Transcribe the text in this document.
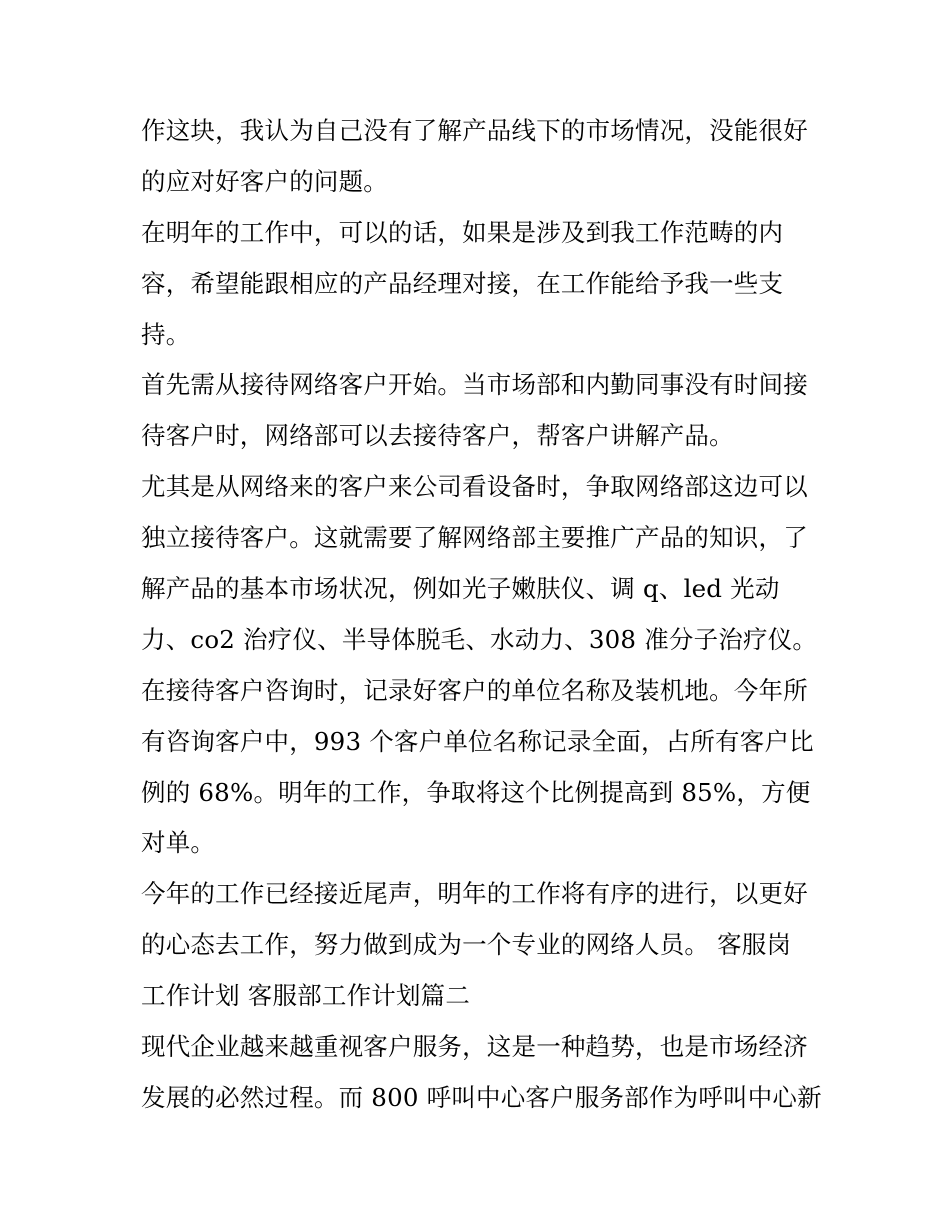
作这块，我认为自己没有了解产品线下的市场情况，没能很好
的应对好客户的问题。
在明年的工作中，可以的话，如果是涉及到我工作范畴的内
容，希望能跟相应的产品经理对接，在工作能给予我一些支
持。
首先需从接待网络客户开始。当市场部和内勤同事没有时间接
待客户时，网络部可以去接待客户，帮客户讲解产品。
尤其是从网络来的客户来公司看设备时，争取网络部这边可以
独立接待客户。这就需要了解网络部主要推广产品的知识，了
解产品的基本市场状况，例如光子嫩肤仪、调 q、led 光动
力、co2 治疗仪、半导体脱毛、水动力、308 准分子治疗仪。
在接待客户咨询时，记录好客户的单位名称及装机地。今年所
有咨询客户中，993 个客户单位名称记录全面，占所有客户比
例的 68%。明年的工作，争取将这个比例提高到 85%，方便
对单。
今年的工作已经接近尾声，明年的工作将有序的进行，以更好
的心态去工作，努力做到成为一个专业的网络人员。 客服岗
工作计划 客服部工作计划篇二
现代企业越来越重视客户服务，这是一种趋势，也是市场经济
发展的必然过程。而 800 呼叫中心客户服务部作为呼叫中心新
